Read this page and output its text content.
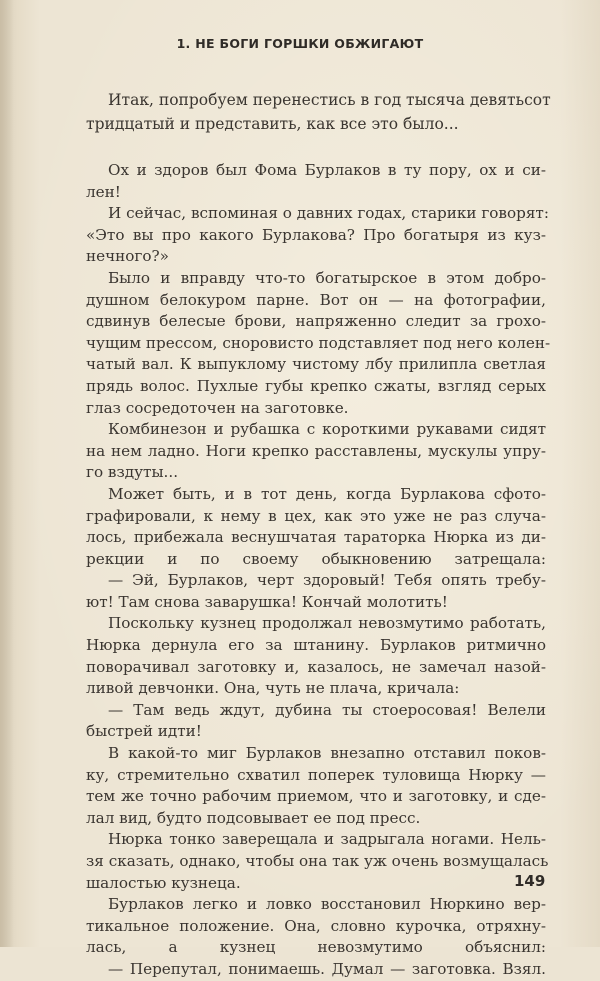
1. НЕ БОГИ ГОРШКИ ОБЖИГАЮТ
Итак, попробуем перенестись в год тысяча девятьсот
тридцатый и представить, как все это было...
Ох и здоров был Фома Бурлаков в ту пору, ох и си-
лен!
И сейчас, вспоминая о давних годах, старики говорят:
«Это вы про какого Бурлакова? Про богатыря из куз-
нечного?»
Было и вправду что-то богатырское в этом добро-
душном белокуром парне. Вот он — на фотографии,
сдвинув белесые брови, напряженно следит за грохо-
чущим прессом, сноровисто подставляет под него колен-
чатый вал. К выпуклому чистому лбу прилипла светлая
прядь волос. Пухлые губы крепко сжаты, взгляд серых
глаз сосредоточен на заготовке.
Комбинезон и рубашка с короткими рукавами сидят
на нем ладно. Ноги крепко расставлены, мускулы упру-
го вздуты...
Может быть, и в тот день, когда Бурлакова сфото-
графировали, к нему в цех, как это уже не раз случа-
лось, прибежала веснушчатая тараторка Нюрка из ди-
рекции и по своему обыкновению затрещала:
— Эй, Бурлаков, черт здоровый! Тебя опять требу-
ют! Там снова заварушка! Кончай молотить!
Поскольку кузнец продолжал невозмутимо работать,
Нюрка дернула его за штанину. Бурлаков ритмично
поворачивал заготовку и, казалось, не замечал назой-
ливой девчонки. Она, чуть не плача, кричала:
— Там ведь ждут, дубина ты стоеросовая! Велели
быстрей идти!
В какой-то миг Бурлаков внезапно отставил поков-
ку, стремительно схватил поперек туловища Нюрку —
тем же точно рабочим приемом, что и заготовку, и сде-
лал вид, будто подсовывает ее под пресс.
Нюрка тонко заверещала и задрыгала ногами. Нель-
зя сказать, однако, чтобы она так уж очень возмущалась
шалостью кузнеца.
Бурлаков легко и ловко восстановил Нюркино вер-
тикальное положение. Она, словно курочка, отряхну-
лась, а кузнец невозмутимо объяснил:
— Перепутал, понимаешь. Думал — заготовка. Взял.
149
